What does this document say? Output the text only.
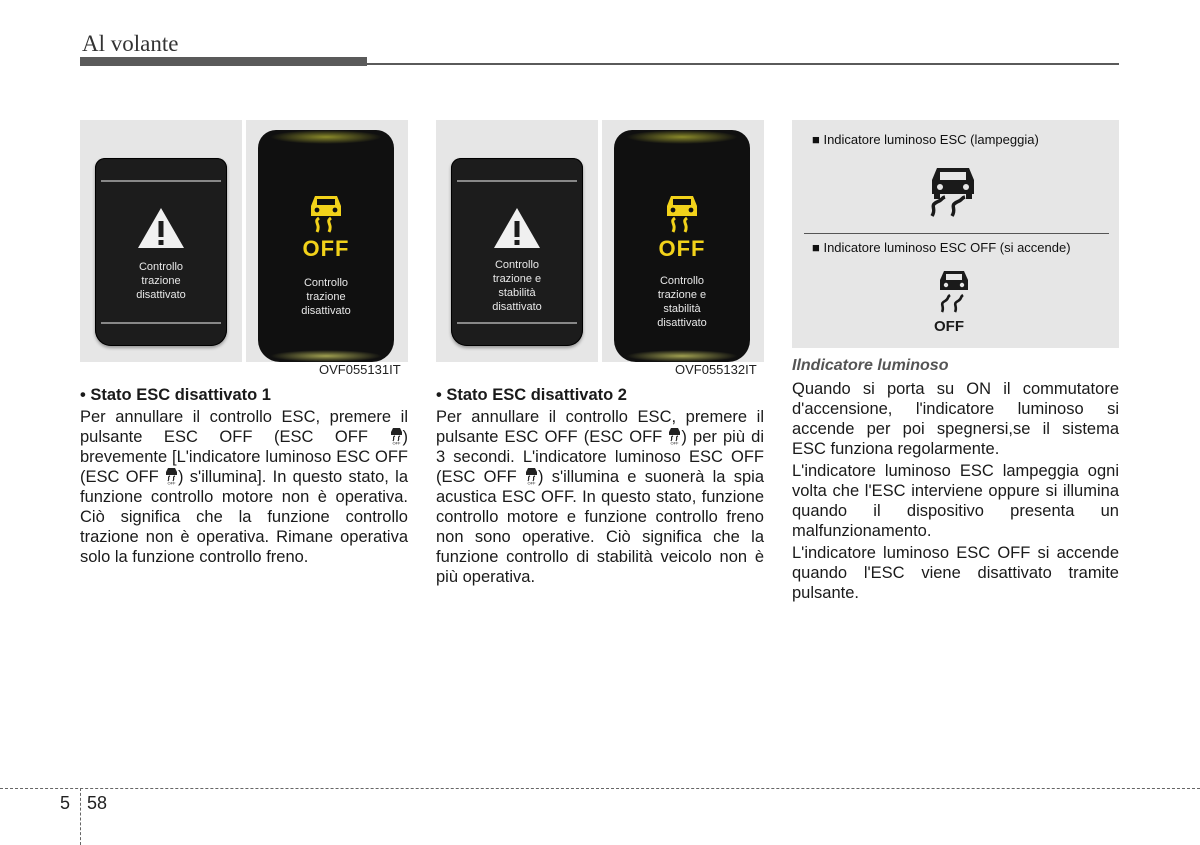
Al volante
Controllo
trazione
disattivato
OFF
Controllo
trazione
disattivato
OVF055131IT
Controllo
trazione e
stabilità
disattivato
OFF
Controllo
trazione e
stabilità
disattivato
OVF055132IT
■ Indicatore luminoso ESC (lampeggia)
■ Indicatore luminoso ESC OFF (si accende)
OFF

• Stato ESC disattivato 1

Per annullare il controllo ESC, premere il pulsante ESC OFF (ESC OFF	OFF ) brevemente [L'indicatore luminoso ESC OFF (ESC OFF OFF ) s'illumina]. In questo stato, la funzione controllo motore non è operativa. Ciò significa che la funzione controllo trazione non è operativa. Rimane operativa solo la funzione controllo freno.

• Stato ESC disattivato 2

Per annullare il controllo ESC, premere il pulsante ESC OFF (ESC OFF OFF ) per più di 3 secondi. L'indicatore luminoso ESC OFF (ESC OFF	OFF ) s'illumina e suonerà la spia acustica ESC OFF. In questo stato, funzione controllo motore e funzione controllo freno non sono operative. Ciò significa che la funzione controllo di stabilità veicolo non è più operativa.

Ilndicatore luminoso

Quando si porta su ON il commutatore d'accensione, l'indicatore luminoso si accende per poi spegnersi,se il sistema ESC funziona regolarmente.

L'indicatore luminoso ESC lampeggia ogni volta che l'ESC interviene oppure si illumina quando il dispositivo presenta un malfunzionamento.

L'indicatore luminoso ESC OFF si accende quando l'ESC viene disattivato tramite pulsante.

5 58
